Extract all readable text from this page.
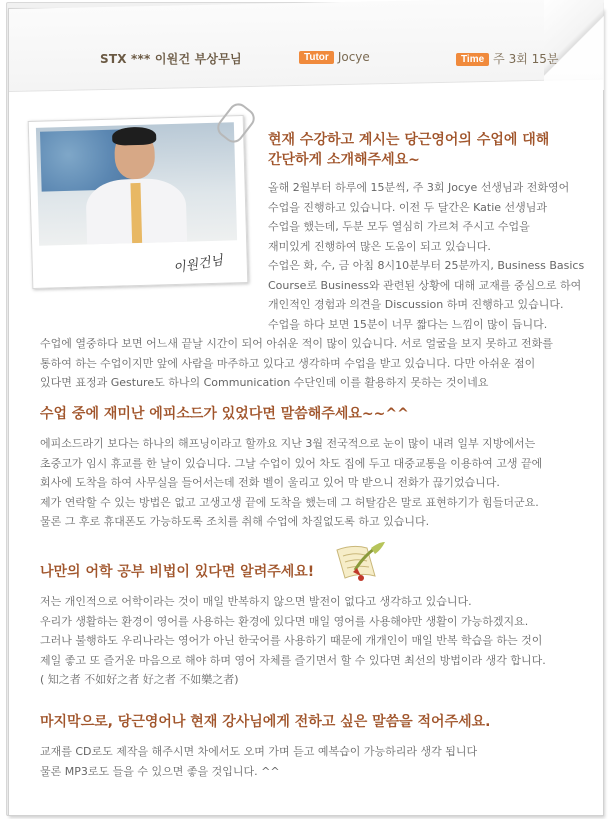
STX *** 이원건 부상무님	Tutor Jocye	Time 주 3회 15분
이원건님
현재 수강하고 계시는 당근영어의 수업에 대해
간단하게 소개해주세요~

올해 2월부터 하루에 15분씩, 주 3회 Jocye 선생님과 전화영어
수업을 진행하고 있습니다. 이전 두 달간은 Katie 선생님과
수업을 했는데, 두분 모두 열심히 가르쳐 주시고 수업을
재미있게 진행하여 많은 도움이 되고 있습니다.
수업은 화, 수, 금 아침 8시10분부터 25분까지, Business Basics
Course로 Business와 관련된 상황에 대해 교재를 중심으로 하여
개인적인 경험과 의견을 Discussion 하며 진행하고 있습니다.
수업을 하다 보면 15분이 너무 짧다는 느낌이 많이 듭니다.

수업에 열중하다 보면 어느새 끝날 시간이 되어 아쉬운 적이 많이 있습니다. 서로 얼굴을 보지 못하고 전화를
통하여 하는 수업이지만 앞에 사람을 마주하고 있다고 생각하며 수업을 받고 있습니다. 다만 아쉬운 점이
있다면 표정과 Gesture도 하나의 Communication 수단인데 이를 활용하지 못하는 것이네요

수업 중에 재미난 에피소드가 있었다면 말씀해주세요~~^^

에피소드라기 보다는 하나의 해프닝이라고 할까요 지난 3월 전국적으로 눈이 많이 내려 일부 지방에서는
초중고가 임시 휴교를 한 날이 있습니다. 그날 수업이 있어 차도 집에 두고 대중교통을 이용하여 고생 끝에
회사에 도착을 하여 사무실을 들어서는데 전화 벨이 울리고 있어 막 받으니 전화가 끊기었습니다.
제가 연락할 수 있는 방법은 없고 고생고생 끝에 도착을 했는데 그 허탈감은 말로 표현하기가 힘들더군요.
물론 그 후로 휴대폰도 가능하도록 조치를 취해 수업에 차질없도록 하고 있습니다.

나만의 어학 공부 비법이 있다면 알려주세요!

저는 개인적으로 어학이라는 것이 매일 반복하지 않으면 발전이 없다고 생각하고 있습니다.
우리가 생활하는 환경이 영어를 사용하는 환경에 있다면 매일 영어를 사용해야만 생활이 가능하겠지요.
그러나 불행하도 우리나라는 영어가 아닌 한국어를 사용하기 때문에 개개인이 매일 반복 학습을 하는 것이
제일 좋고 또 즐거운 마음으로 해야 하며 영어 자체를 즐기면서 할 수 있다면 최선의 방법이라 생각 합니다.
( 知之者 不如好之者 好之者 不如樂之者)

마지막으로, 당근영어나 현재 강사님에게 전하고 싶은 말씀을 적어주세요.

교재를 CD로도 제작을 해주시면 차에서도 오며 가며 듣고 예복습이 가능하리라 생각 됩니다
물론 MP3로도 들을 수 있으면 좋을 것입니다. ^^
